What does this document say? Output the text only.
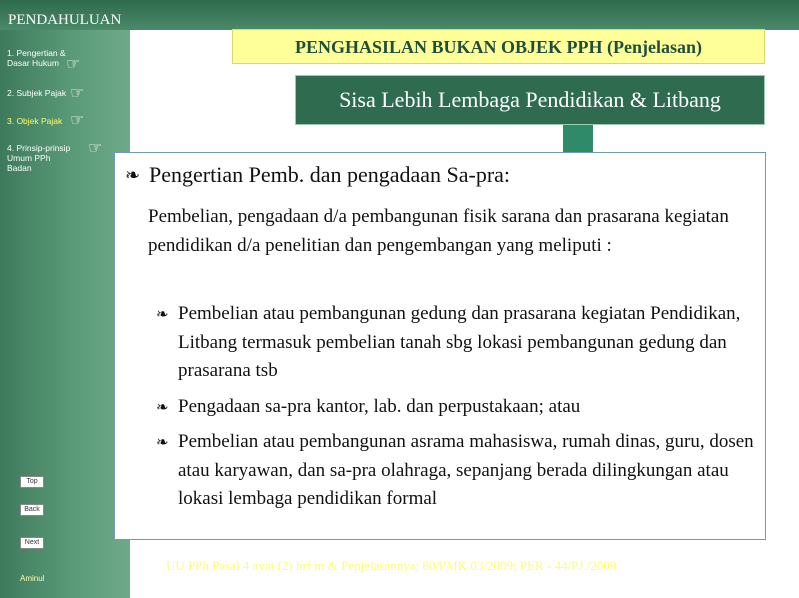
PENDAHULUAN
1. Pengertian & Dasar Hukum ☞
2. Subjek Pajak ☞
3. Objek Pajak ☞
4. Prinsip-prinsip Umum PPh Badan
☞
Top
Back
Next
Aminul
PENGHASILAN BUKAN OBJEK PPH (Penjelasan)
Sisa Lebih Lembaga Pendidikan & Litbang
❧ Pengertian Pemb. dan pengadaan Sa-pra:
Pembelian, pengadaan d/a pembangunan fisik sarana dan prasarana kegiatan pendidikan d/a penelitian dan pengembangan yang meliputi :
❧ Pembelian atau pembangunan gedung dan prasarana kegiatan Pendidikan, Litbang termasuk pembelian tanah sbg lokasi pembangunan gedung dan prasarana tsb
❧ Pengadaan sa-pra kantor, lab. dan perpustakaan; atau
❧ Pembelian atau pembangunan asrama mahasiswa, rumah dinas, guru, dosen atau karyawan, dan sa-pra olahraga, sepanjang berada dilingkungan atau lokasi lembaga pendidikan formal
UU PPh Pasal 4 ayat (2) hrf m & Penjelasannya; 80/PMK.03/2009; PER - 44/PJ./2009
